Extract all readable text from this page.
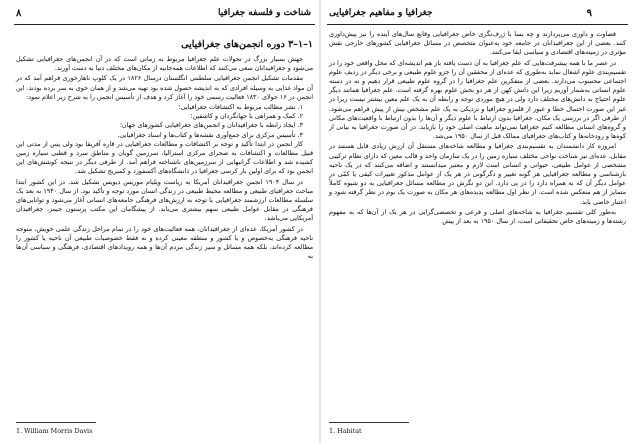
۸	شناخت و فلسفه جغرافیا
۱–۱–۳ دوره انجمن‌های جغرافیایی

جهش بسیار بزرگ در تحولات علم جغرافیا مربوط به زمانی است که در آن انجمن‌های جغرافیایی تشکیل می‌شود و جغرافیدانان سعی می‌کنند که اطلاعات همه‌جانبه از مکان‌های مختلف دنیا به دست آورند.

مقدمات تشکیل انجمن جغرافیایی سلطنتی انگلستان درسال ۱۸۲۶ در یک کلوپ ناهارخوری فراهم آمد که در آن مواد غذایی به وسیله افرادی که به اندیشه حصول شده بود تهیه می‌شد و از همان خوی به سر برده بودند. این انجمن در ۱۶ جولای ۱۸۳۰ فعالیت رسمی خود را آغاز کرد و هدف از تأسیس انجمن را به شرح زیر اعلام نمود:

۱. نشر مطالب مربوط به اکتشافات جغرافیایی؛

۲. کمک و همراهی با جهانگردان و کاشفین؛

۳. ایجاد رابطه با جغرافیدانان و انجمن‌های جغرافیایی کشورهای جهان؛

۴. تأسیس مرکزی برای جمع‌آوری نقشه‌ها و کتاب‌ها و اسناد جغرافیایی.

کار انجمن در ابتدا تأکید و توجه بر اکتشافات و مطالعات جغرافیایی در قاره آفریقا بود ولی پس از مدتی این قبیل مطالعات و اکتشافات به صحرای مرکزی استرالیا، سرزمین گویان و مناطق سرد و قطبی سیاره زمین کشیده شد و اطلاعات گرانبهایی از سرزمین‌های ناشناخته فراهم آمد. از طرفی دیگر در نتیجه کوشش‌های این انجمن بود که برای اولین بار کرسی جغرافیا در دانشگاه‌های آکسفورد و کمبریج تشکیل شد.

در سال ۱۹۰۴ انجمن جغرافیدانان آمریکا به ریاست ویلیام موریس دیویس تشکیل شد. در این کشور ابتدا مباحث جغرافیای طبیعی و مطالعه محیط طبیعی در زندگی انسان مورد توجه و تأکید بود. از سال ۱۹۴۰ به بعد یک سلسله مطالعات ارزشمند جغرافیایی با توجه به ارزش‌های فرهنگی جامعه‌های انسانی آغاز می‌شود و توانایی‌های فرهنگی در مقابل عوامل طبیعی سهم بیشتری می‌یابد. از پیشگامان این مکتب پرستون جیمز، جغرافیدان آمریکایی می‌باشد.

در کشور آمریکا، عده‌ای از جغرافیدانان، همه فعالیت‌های خود را در تمام مراحل زندگی علمی خویش، متوجه ناحیه فرهنگی به‌خصوص و یا کشور و منطقه معینی کرده و نه فقط خصوصیات طبیعی آن ناحیه یا کشور را مطالعه کرده‌اند، بلکه همه مسائل و سیر زندگی مردم آن‌ها و همه رویدادهای اقتصادی، فرهنگی و سیاسی آن‌ها به

1. William Morris Davis
۹
جغرافیا و مفاهیم جغرافیایی

قضاوت و داوری می‌پردازند و چه بسا با ژرف‌نگری خاص جغرافیایی وقایع سال‌های آینده را نیز پیش‌داوری کنند. بعضی از این جغرافیدانان در جامعه خود به‌عنوان متخصص در مسائل جغرافیایی کشورهای خارجی نقش مؤثری در زمینه‌های اقتصادی و سیاسی ایفا می‌کنند.

در عصر ما با همه پیشرفت‌هایی که علم جغرافیا به آن دست یافته باز هم اندیشه‌ای که محل واقعی خود را در تقسیم‌بندی علوم اشغال نماید به‌طوری که عده‌ای از محققین آن را جزو علوم طبیعی و برخی دیگر در ردیف علوم اجتماعی محسوب می‌دارند. بعضی از متفکرین علم جغرافیا را در گروه علوم طبیعی قرار دهیم و نه در دسته علوم انسانی به‌شمار آوریم زیرا این دانش کهن از هر دو بخش علوم بهره گرفته است. علم جغرافیا همانند دیگر علوم احتیاج به دانش‌های مختلف دارد ولی در هیچ موردی توجه و رابطه آن به یک علم معین بیشتر نیست زیرا در غیر این صورت احتمال خطا و عبور از قلمرو جغرافیا و نزدیکی به یک علم مشخص بیش از پیش فراهم می‌شود. از طرفی اگر در بررسی یک مکان، جغرافیا بدون ارتباط با علوم دیگر و آن‌ها را بدون ارتباط با واقعیت‌های مکانی و گروه‌های انسانی مطالعه کنیم جغرافیا نمی‌تواند ماهیت اصلی خود را بازیابد. در آن صورت جغرافیا به بیانی از کوه‌ها و رودخانه‌ها و کتاب‌های جغرافیای ممالک قبل از سال ۱۹۵۰ می‌شد.

امروزه کار دانشمندان به تقسیم‌بندی جغرافیا و مطالعه شاخه‌های مستقل آن ارزش زیادی قایل هستند در مقابل، عده‌ای نیز شناخت نواحی مختلف سیاره زمین را در یک سازمان واحد و قالب معین که دارای نظام ترکیبی مشخصی از عوامل طبیعی، حیوانی و انسانی است لازم و معتبر میدانستند و اضافه می‌کنند که در یک ناحیه بازشناسی و مطالعه جغرافیایی هر گونه تغییر و دگرگونی در هر یک از عوامل مذکور تغییرات کیفی یا کمّی در عوامل دیگر آن که به همراه دارد را در پی دارد. این دو نگرش در مطالعه مسائل جغرافیایی به دو شیوه کاملاً متمایز از هم منعکس شده است. از نظر اول مطالعه پدیده‌های هر مکان به صورت یک بوم در نظر گرفته شود و اعتبار خاصی یابد.

به‌طور کلی تقسیم جغرافیا به شاخه‌های اصلی و فرعی و تخصصی‌گرایی در هر یک از آن‌ها که به مفهوم رشته‌ها و زمینه‌های خاص تحقیقاتی است، از سال ۱۹۵۰ به بعد از پیش

1. Habitat
